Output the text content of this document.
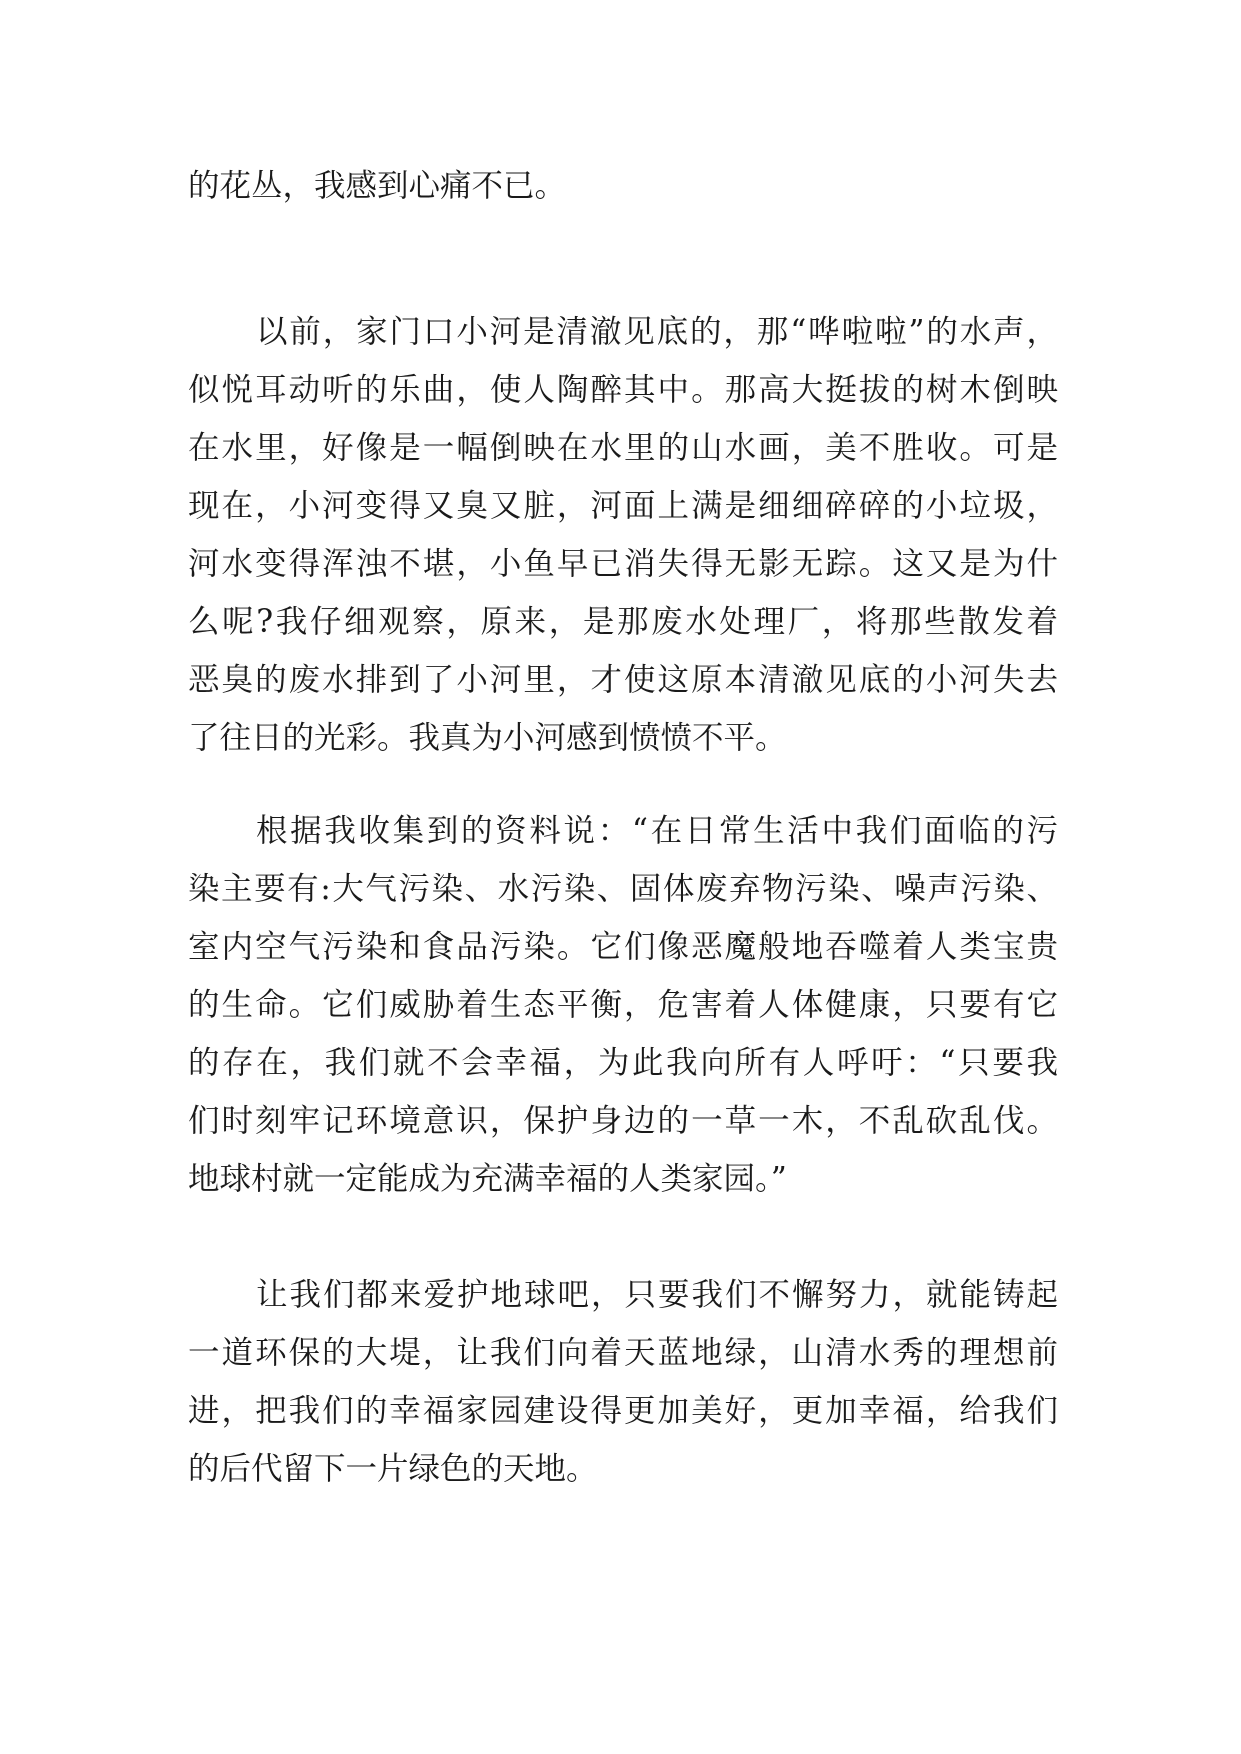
的花丛，我感到心痛不已。
以前，家门口小河是清澈见底的，那“哗啦啦”的水声，
似悦耳动听的乐曲，使人陶醉其中。那高大挺拔的树木倒映
在水里，好像是一幅倒映在水里的山水画，美不胜收。可是
现在，小河变得又臭又脏，河面上满是细细碎碎的小垃圾，
河水变得浑浊不堪，小鱼早已消失得无影无踪。这又是为什
么呢?我仔细观察，原来，是那废水处理厂，将那些散发着
恶臭的废水排到了小河里，才使这原本清澈见底的小河失去
了往日的光彩。我真为小河感到愤愤不平。
根据我收集到的资料说：“在日常生活中我们面临的污
染主要有:大气污染、水污染、固体废弃物污染、噪声污染、
室内空气污染和食品污染。它们像恶魔般地吞噬着人类宝贵
的生命。它们威胁着生态平衡，危害着人体健康，只要有它
的存在，我们就不会幸福，为此我向所有人呼吁：“只要我
们时刻牢记环境意识，保护身边的一草一木，不乱砍乱伐。
地球村就一定能成为充满幸福的人类家园。”
让我们都来爱护地球吧，只要我们不懈努力，就能铸起
一道环保的大堤，让我们向着天蓝地绿，山清水秀的理想前
进，把我们的幸福家园建设得更加美好，更加幸福，给我们
的后代留下一片绿色的天地。
